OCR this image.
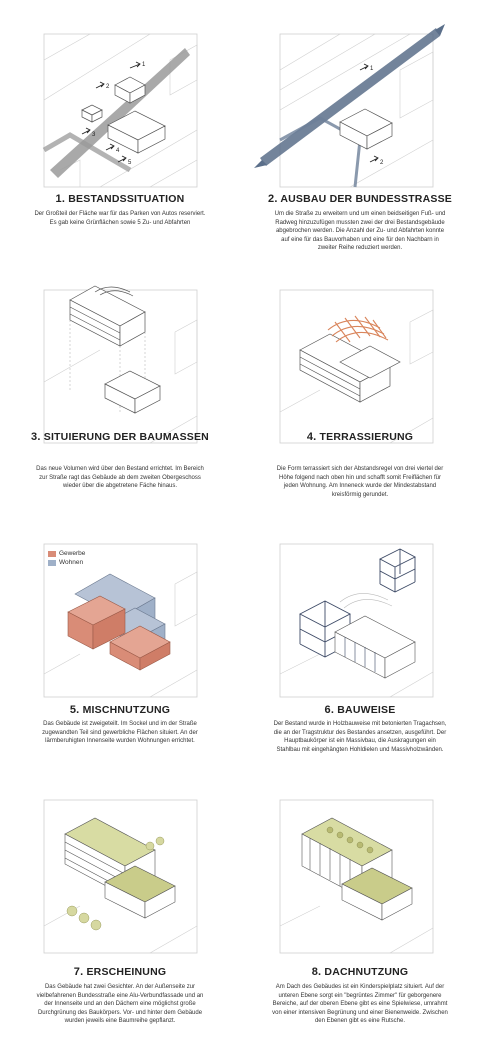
1
2
3
4
5
1. BESTANDSSITUATION
Der Großteil der Fläche war für das Parken von Autos reserviert. Es gab keine Grünflächen sowie 5 Zu- und Abfahrten
1
2
2. AUSBAU DER BUNDESSTRASSE
Um die Straße zu erweitern und um einen beidseitigen Fuß- und Radweg hinzuzufügen mussten zwei der drei Bestandsgebäude abgebrochen werden. Die Anzahl der Zu- und Abfahrten konnte auf eine für das Bauvorhaben und eine für den Nachbarn in zweiter Reihe reduziert werden.
3. SITUIERUNG DER BAUMASSEN
Das neue Volumen wird über den Bestand errichtet. Im Bereich zur Straße ragt das Gebäude ab dem zweiten Obergeschoss wieder über die abgetretene Fäche hinaus.
4. TERRASSIERUNG
Die Form terrassiert sich der Abstandsregel von drei viertel der Höhe folgend nach oben hin und schafft somit Freiflächen für jeden Wohnung. Am Inneneck wurde der Mindestabstand kreisförmig gerundet.
Gewerbe
Wohnen
5. MISCHNUTZUNG
Das Gebäude ist zweigeteilt. Im Sockel und im der Straße zugewandten Teil sind gewerbliche Flächen situiert. An der lärmberuhigten Innenseite wurden Wohnungen errichtet.
6. BAUWEISE
Der Bestand wurde in Holzbauweise mit betonierten Tragachsen, die an der Tragstruktur des Bestandes ansetzen, ausgeführt. Der Hauptbaukörper ist ein Massivbau, die Auskragungen ein Stahlbau mit eingehängten Hohldielen und Massivholzwänden.
7. ERSCHEINUNG
Das Gebäude hat zwei Gesichter. An der Außenseite zur vielbefahrenen Bundesstraße eine Alu-Verbundfassade und an der Innenseite und an den Dächern eine möglichst große Durchgrünung des Baukörpers. Vor- und hinter dem Gebäude wurden jeweils eine Baumreihe gepflanzt.
8. DACHNUTZUNG
Am Dach des Gebäudes ist ein Kinderspielplatz situiert. Auf der unteren Ebene sorgt ein "begrüntes Zimmer" für geborgenere Bereiche, auf der oberen Ebene gibt es eine Spielwiese, umrahmt von einer intensiven Begrünung und einer Bienenweide. Zwischen den Ebenen gibt es eine Rutsche.
